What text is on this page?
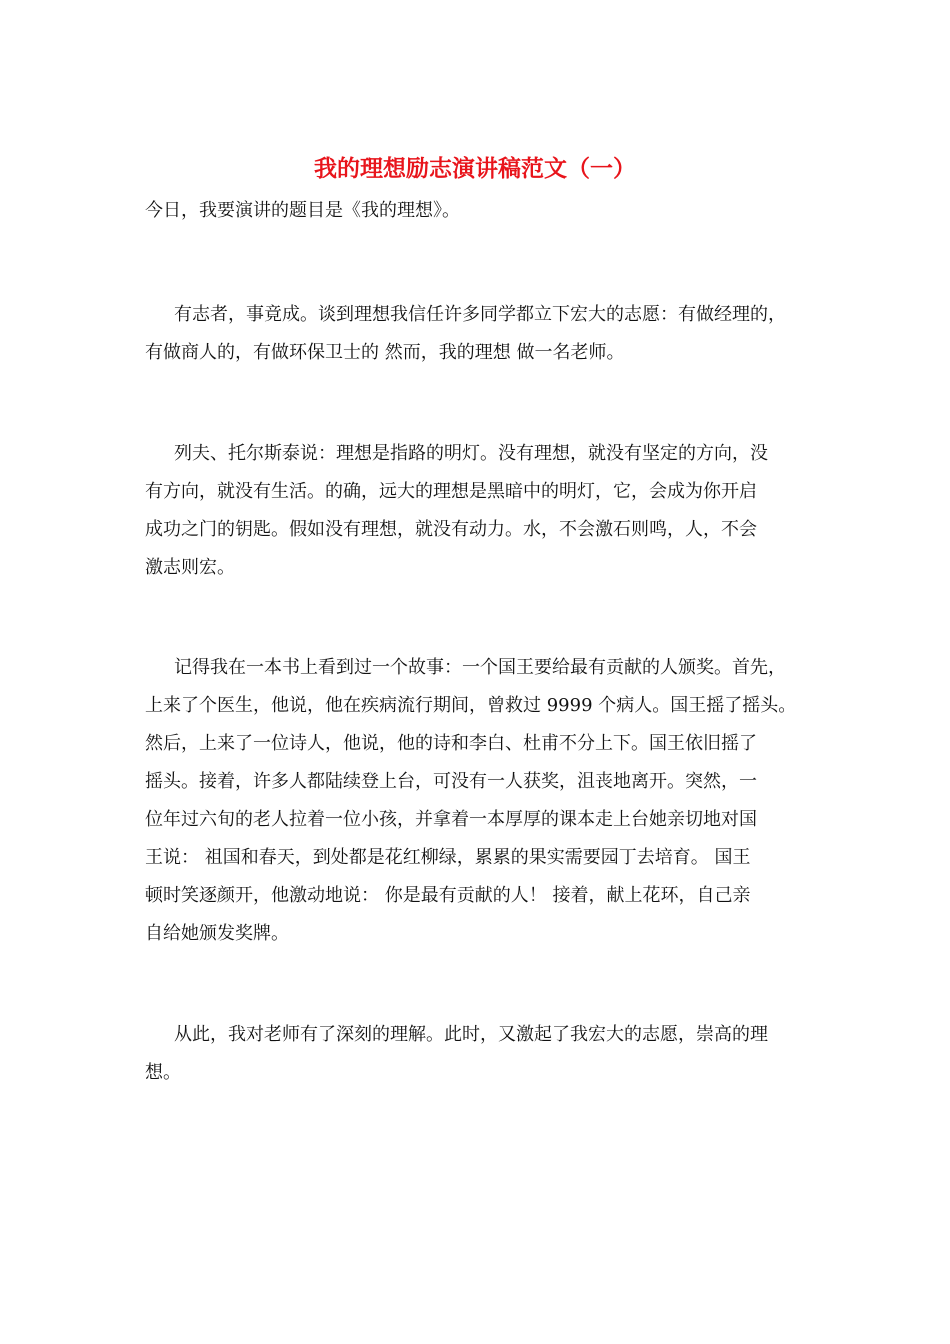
我的理想励志演讲稿范文（一）
今日，我要演讲的题目是《我的理想》。
有志者，事竟成。谈到理想我信任许多同学都立下宏大的志愿：有做经理的，
有做商人的，有做环保卫士的 然而，我的理想 做一名老师。
列夫、托尔斯泰说：理想是指路的明灯。没有理想，就没有坚定的方向，没
有方向，就没有生活。的确，远大的理想是黑暗中的明灯，它，会成为你开启
成功之门的钥匙。假如没有理想，就没有动力。水，不会激石则鸣，人，不会
激志则宏。
记得我在一本书上看到过一个故事：一个国王要给最有贡献的人颁奖。首先，
上来了个医生，他说，他在疾病流行期间，曾救过 9999 个病人。国王摇了摇头。
然后，上来了一位诗人，他说，他的诗和李白、杜甫不分上下。国王依旧摇了
摇头。接着，许多人都陆续登上台，可没有一人获奖，沮丧地离开。突然，一
位年过六旬的老人拉着一位小孩，并拿着一本厚厚的课本走上台她亲切地对国
王说： 祖国和春天，到处都是花红柳绿，累累的果实需要园丁去培育。 国王
顿时笑逐颜开，他激动地说： 你是最有贡献的人！ 接着，献上花环，自己亲
自给她颁发奖牌。
从此，我对老师有了深刻的理解。此时，又激起了我宏大的志愿，崇高的理
想。
